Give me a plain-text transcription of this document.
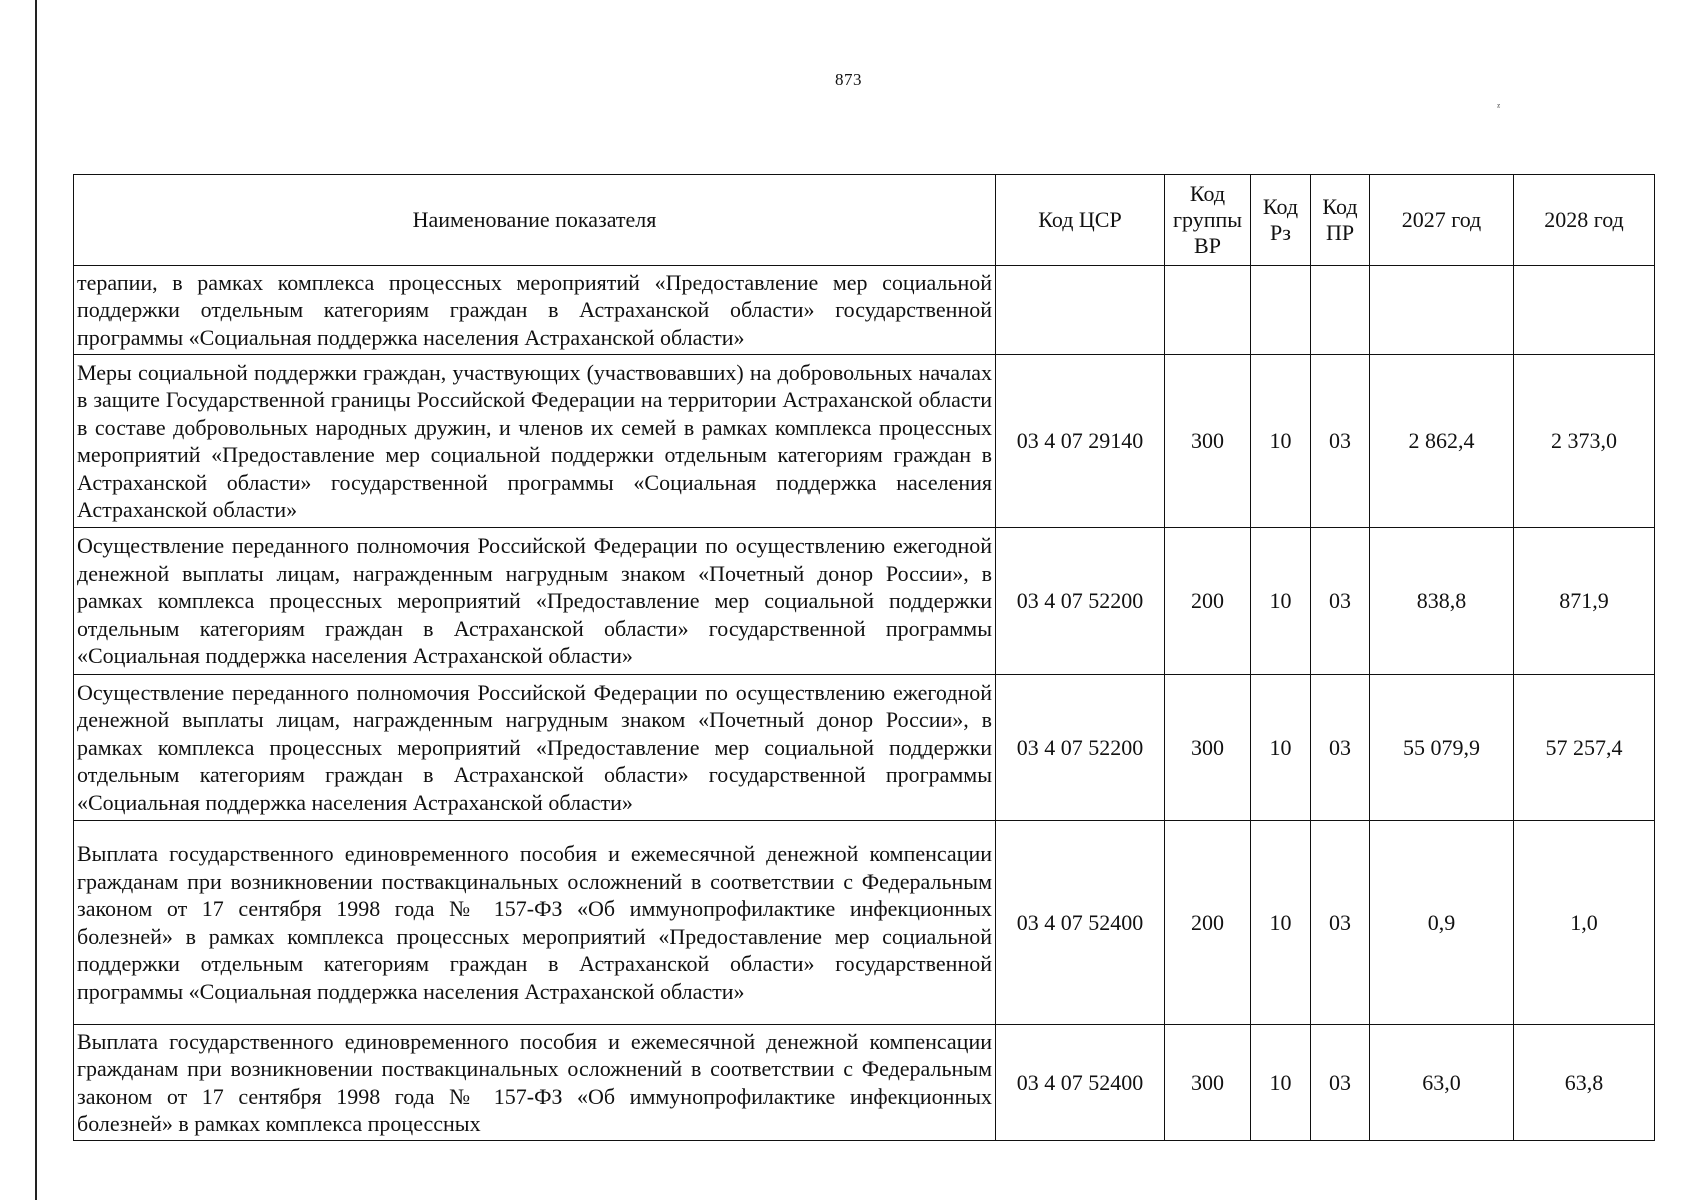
873
ᶻ
Наименование показателя	Код ЦСР	Код группы ВР	Код Рз	Код ПР	2027 год	2028 год
терапии, в рамках комплекса процессных мероприятий «Предоставление мер социальной поддержки отдельным категориям граждан в Астраханской области» государственной программы «Социальная поддержка населения Астраханской области»						
Меры социальной поддержки граждан, участвующих (участвовавших) на добровольных началах в защите Государственной границы Российской Федерации на территории Астраханской области в составе добровольных народных дружин, и членов их семей в рамках комплекса процессных мероприятий «Предоставление мер социальной поддержки отдельным категориям граждан в Астраханской области» государственной программы «Социальная поддержка населения Астраханской области»	03 4 07 29140	300	10	03	2 862,4	2 373,0
Осуществление переданного полномочия Российской Федерации по осуществлению ежегодной денежной выплаты лицам, награжденным нагрудным знаком «Почетный донор России», в рамках комплекса процессных мероприятий «Предоставление мер социальной поддержки отдельным категориям граждан в Астраханской области» государственной программы «Социальная поддержка населения Астраханской области»	03 4 07 52200	200	10	03	838,8	871,9
Осуществление переданного полномочия Российской Федерации по осуществлению ежегодной денежной выплаты лицам, награжденным нагрудным знаком «Почетный донор России», в рамках комплекса процессных мероприятий «Предоставление мер социальной поддержки отдельным категориям граждан в Астраханской области» государственной программы «Социальная поддержка населения Астраханской области»	03 4 07 52200	300	10	03	55 079,9	57 257,4
Выплата государственного единовременного пособия и ежемесячной денежной компенсации гражданам при возникновении поствакцинальных осложнений в соответствии с Федеральным законом от 17 сентября 1998 года № 157-ФЗ «Об иммунопрофилактике инфекционных болезней» в рамках комплекса процессных мероприятий «Предоставление мер социальной поддержки отдельным категориям граждан в Астраханской области» государственной программы «Социальная поддержка населения Астраханской области»	03 4 07 52400	200	10	03	0,9	1,0
Выплата государственного единовременного пособия и ежемесячной денежной компенсации гражданам при возникновении поствакцинальных осложнений в соответствии с Федеральным законом от 17 сентября 1998 года № 157-ФЗ «Об иммунопрофилактике инфекционных болезней» в рамках комплекса процессных	03 4 07 52400	300	10	03	63,0	63,8
